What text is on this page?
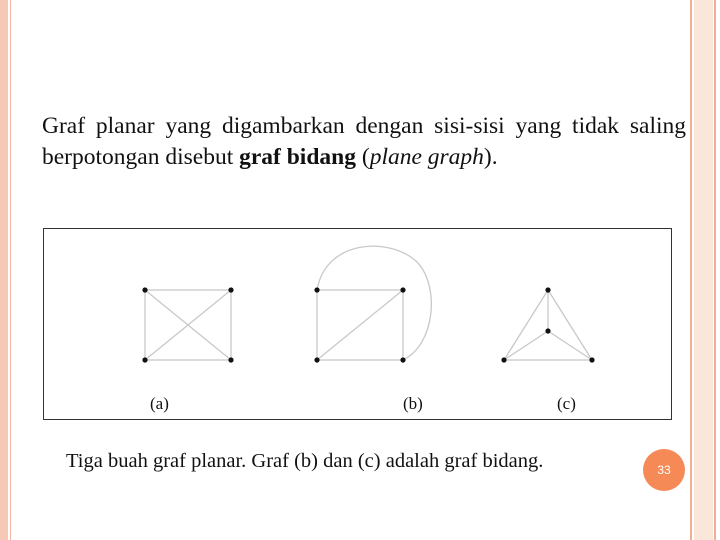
Graf planar yang digambarkan dengan sisi-sisi yang tidak saling berpotongan disebut graf bidang (plane graph).
(a)	(b)	(c)
33
Tiga buah graf planar. Graf (b) dan (c) adalah graf bidang.
